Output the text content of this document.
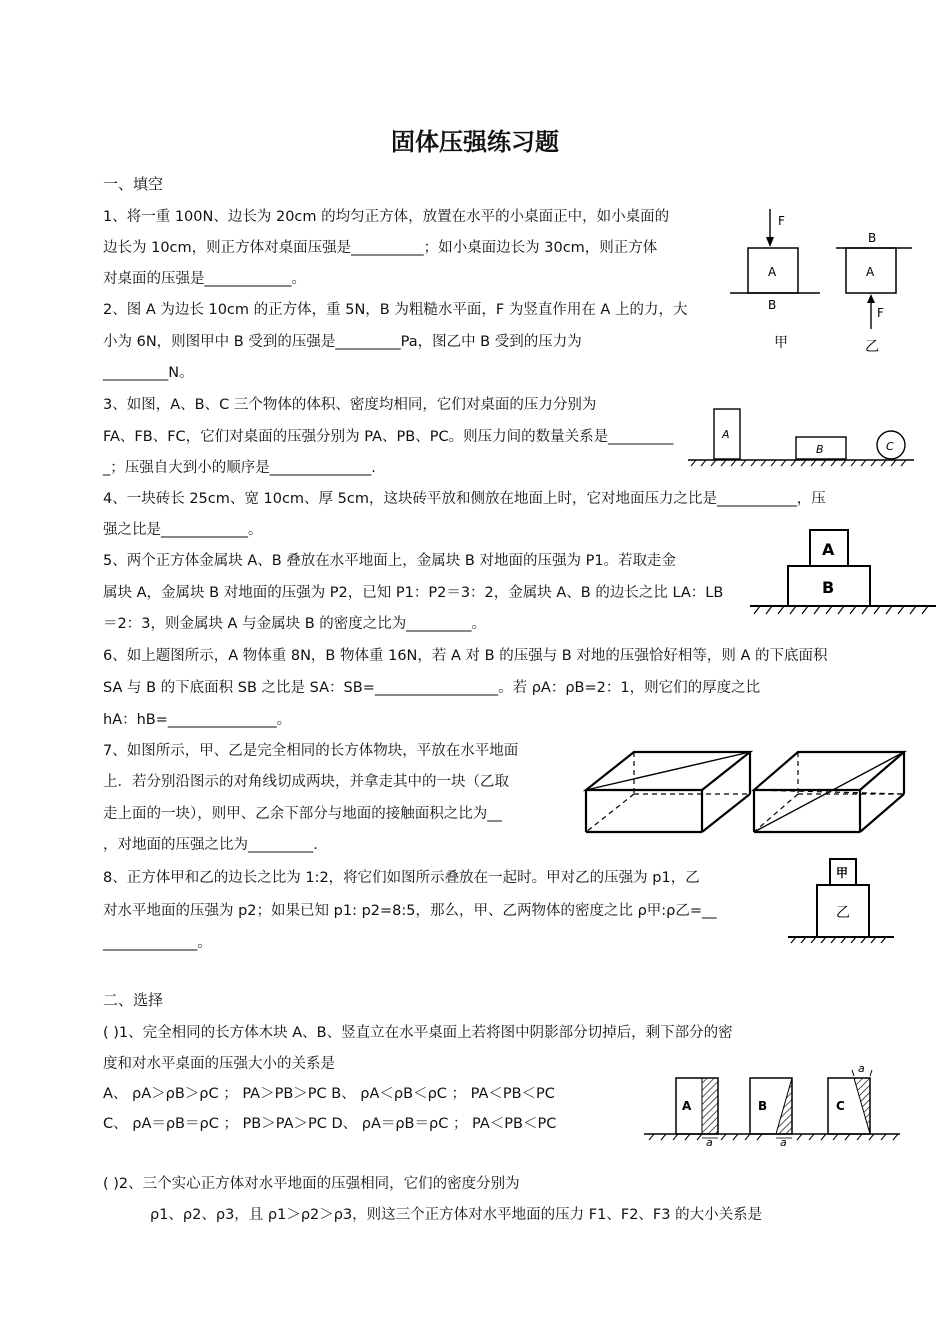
固体压强练习题
一、填空
1、将一重 100N、边长为 20cm 的均匀正方体，放置在水平的小桌面正中，如小桌面的
边长为 10cm，则正方体对桌面压强是__________；如小桌面边长为 30cm，则正方体
对桌面的压强是____________。
2、图 A 为边长 10cm 的正方体，重 5N，B 为粗糙水平面，F 为竖直作用在 A 上的力，大
小为 6N，则图甲中 B 受到的压强是_________Pa，图乙中 B 受到的压力为
_________N。
3、如图，A、B、C 三个物体的体积、密度均相同，它们对桌面的压力分别为
FA、FB、FC，它们对桌面的压强分别为 PA、PB、PC。则压力间的数量关系是_________
_；压强自大到小的顺序是______________.
4、一块砖长 25cm、宽 10cm、厚 5cm，这块砖平放和侧放在地面上时，它对地面压力之比是___________，压
强之比是____________。
5、两个正方体金属块 A、B 叠放在水平地面上，金属块 B 对地面的压强为 P1。若取走金
属块 A，金属块 B 对地面的压强为 P2，已知 P1：P2＝3：2，金属块 A、B 的边长之比 LA：LB
＝2：3，则金属块 A 与金属块 B 的密度之比为_________。
6、如上题图所示，A 物体重 8N，B 物体重 16N，若 A 对 B 的压强与 B 对地的压强恰好相等，则 A 的下底面积
SA 与 B 的下底面积 SB 之比是 SA：SB=_________________。若 ρA：ρB=2：1，则它们的厚度之比
hA：hB=_______________。
7、如图所示，甲、乙是完全相同的长方体物块，平放在水平地面
上．若分别沿图示的对角线切成两块，并拿走其中的一块（乙取
走上面的一块），则甲、乙余下部分与地面的接触面积之比为__
，对地面的压强之比为_________.
8、正方体甲和乙的边长之比为 1:2，将它们如图所示叠放在一起时。甲对乙的压强为 p1，乙
对水平地面的压强为 p2；如果已知 p1: p2=8:5，那么，甲、乙两物体的密度之比 ρ甲:ρ乙=__
_____________。
二、选择
( )1、完全相同的长方体木块 A、B、竖直立在水平桌面上若将图中阴影部分切掉后，剩下部分的密
度和对水平桌面的压强大小的关系是
A、 ρA＞ρB＞ρC ； PA＞PB＞PC B、 ρA＜ρB＜ρC ； PA＜PB＜PC
C、 ρA＝ρB＝ρC ； PB＞PA＞PC D、 ρA＝ρB＝ρC ； PA＜PB＜PC
( )2、三个实心正方体对水平地面的压强相同，它们的密度分别为
ρ1、ρ2、ρ3，且 ρ1＞ρ2＞ρ3，则这三个正方体对水平地面的压力 F1、F2、F3 的大小关系是
F
A
B
甲
B
A
F
乙
A
B	C
A
B
甲
乙
A
a
B
a
C
a
